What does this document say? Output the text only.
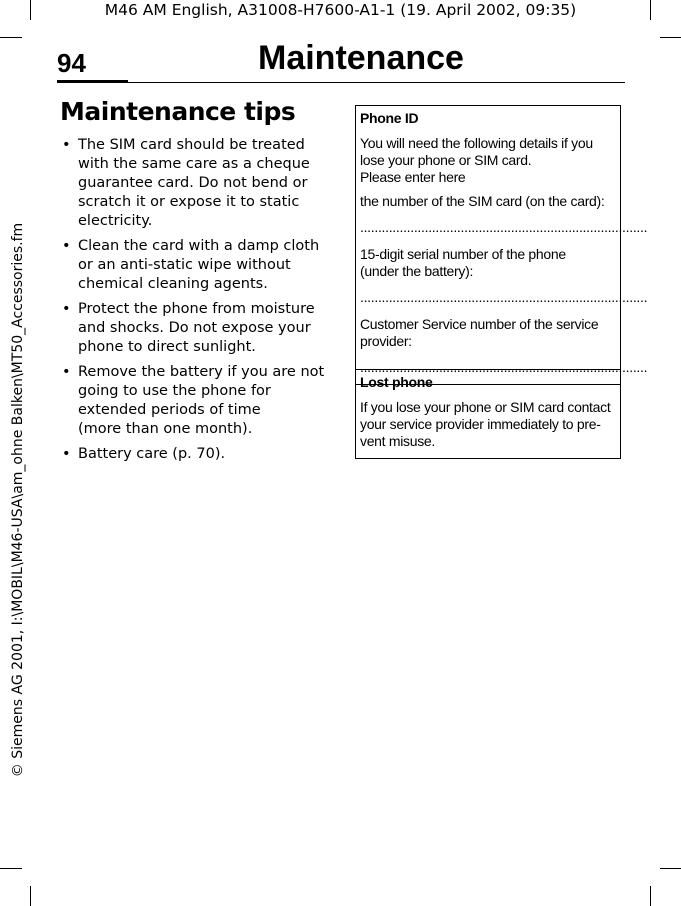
M46 AM English, A31008-H7600-A1-1 (19. April 2002, 09:35)
© Siemens AG 2001, I:\MOBIL\M46-USA\am_ohne Balken\MT50_Accessories.fm
94	Maintenance
Maintenance tips
• The SIM card should be treated
with the same care as a cheque
guarantee card. Do not bend or
scratch it or expose it to static
electricity.
• Clean the card with a damp cloth
or an anti-static wipe without
chemical cleaning agents.
• Protect the phone from moisture
and shocks. Do not expose your
phone to direct sunlight.
• Remove the battery if you are not
going to use the phone for
extended periods of time
(more than one month).
• Battery care (p. 70).
Phone ID

You will need the following details if you
lose your phone or SIM card.
Please enter here

the number of the SIM card (on the card):

................................................................................

15-digit serial number of the phone
(under the battery):

................................................................................

Customer Service number of the service
provider:

................................................................................

Lost phone

If you lose your phone or SIM card contact
your service provider immediately to pre-
vent misuse.
